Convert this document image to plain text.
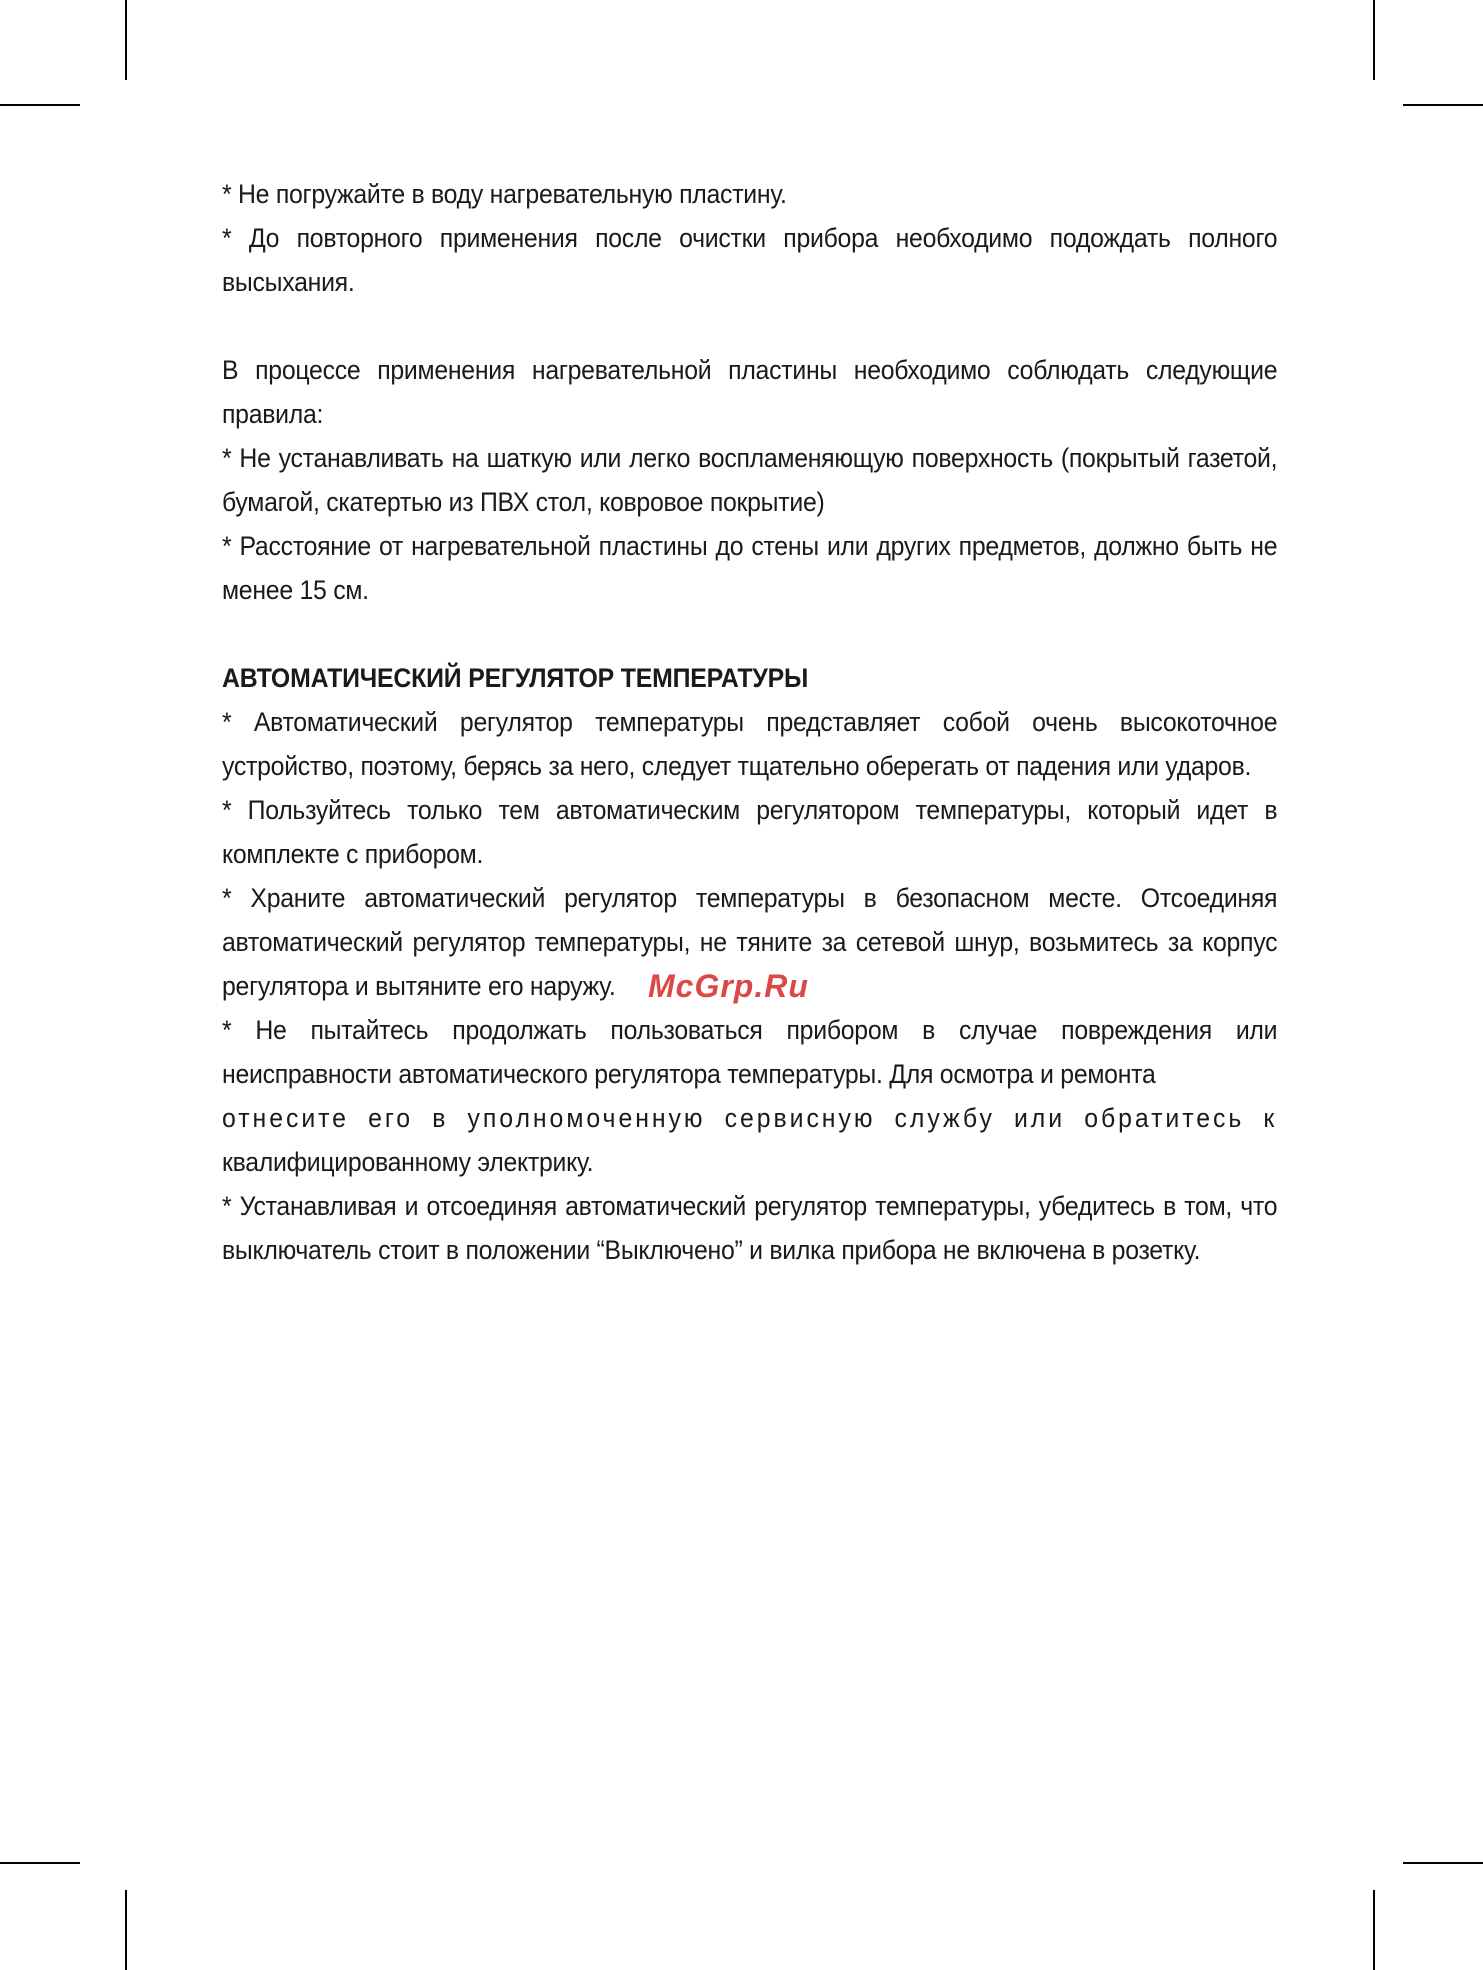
* Не погружайте в воду нагревательную пластину.

* До повторного применения после очистки прибора необходимо подождать полного высыхания.

В процессе применения нагревательной пластины необходимо соблюдать следующие правила:

* Не устанавливать на шаткую или легко воспламеняющую поверхность (покрытый газетой, бумагой, скатертью из ПВХ стол, ковровое покрытие)

* Расстояние от нагревательной пластины до стены или других предметов, должно быть не менее 15 см.

АВТОМАТИЧЕСКИЙ РЕГУЛЯТОР ТЕМПЕРАТУРЫ

* Автоматический регулятор температуры представляет собой очень высокоточное устройство, поэтому, берясь за него, следует тщательно оберегать от падения или ударов.

* Пользуйтесь только тем автоматическим регулятором температуры, который идет в комплекте с прибором.

* Храните автоматический регулятор температуры в безопасном месте. Отсоединяя автоматический регулятор температуры, не тяните за сетевой шнур, возьмитесь за корпус регулятора и вытяните его наружу.

* Не пытайтесь продолжать пользоваться прибором в случае повреждения или неисправности автоматического регулятора температуры. Для осмотра и ремонта

отнесите его в уполномоченную сервисную службу или обратитесь к

квалифицированному электрику.

* Устанавливая и отсоединяя автоматический регулятор температуры, убедитесь в том, что выключатель стоит в положении “Выключено” и вилка прибора не включена в розетку.

McGrp.Ru
